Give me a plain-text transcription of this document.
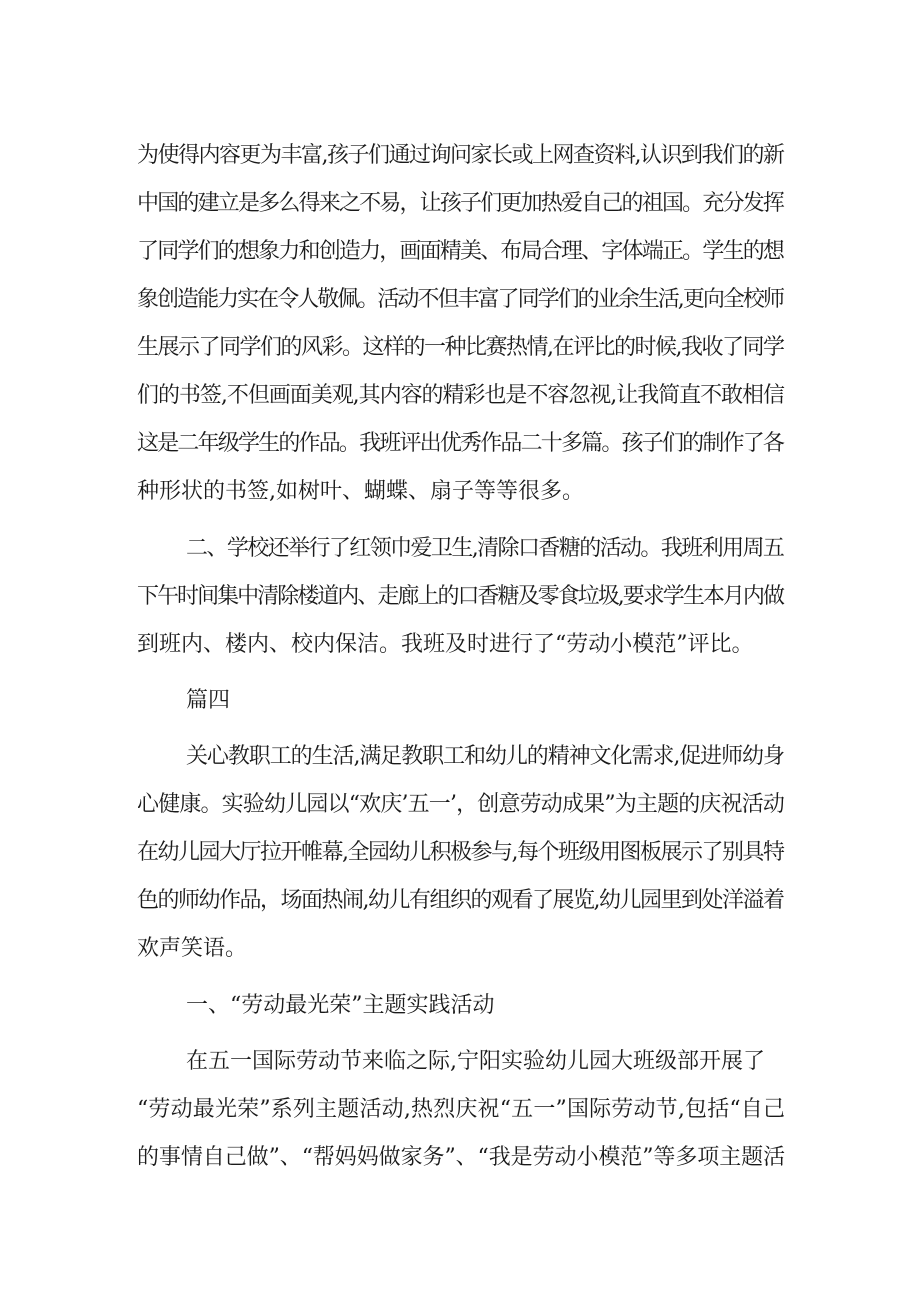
为使得内容更为丰富,孩子们通过询问家长或上网查资料,认识到我们的新
中国的建立是多么得来之不易，让孩子们更加热爱自己的祖国。充分发挥
了同学们的想象力和创造力，画面精美、布局合理、字体端正。学生的想
象创造能力实在令人敬佩。活动不但丰富了同学们的业余生活,更向全校师
生展示了同学们的风彩。这样的一种比赛热情,在评比的时候,我收了同学
们的书签,不但画面美观,其内容的精彩也是不容忽视,让我简直不敢相信
这是二年级学生的作品。我班评出优秀作品二十多篇。孩子们的制作了各
种形状的书签,如树叶、蝴蝶、扇子等等很多。
二、学校还举行了红领巾爱卫生,清除口香糖的活动。我班利用周五
下午时间集中清除楼道内、走廊上的口香糖及零食垃圾,要求学生本月内做
到班内、楼内、校内保洁。我班及时进行了“劳动小模范”评比。
篇四
关心教职工的生活,满足教职工和幼儿的精神文化需求,促进师幼身
心健康。实验幼儿园以“欢庆’五一’，创意劳动成果”为主题的庆祝活动
在幼儿园大厅拉开帷幕,全园幼儿积极参与,每个班级用图板展示了别具特
色的师幼作品，场面热闹,幼儿有组织的观看了展览,幼儿园里到处洋溢着
欢声笑语。
一、“劳动最光荣”主题实践活动
在五一国际劳动节来临之际,宁阳实验幼儿园大班级部开展了
“劳动最光荣”系列主题活动,热烈庆祝“五一”国际劳动节,包括“自己
的事情自己做”、“帮妈妈做家务”、“我是劳动小模范”等多项主题活
